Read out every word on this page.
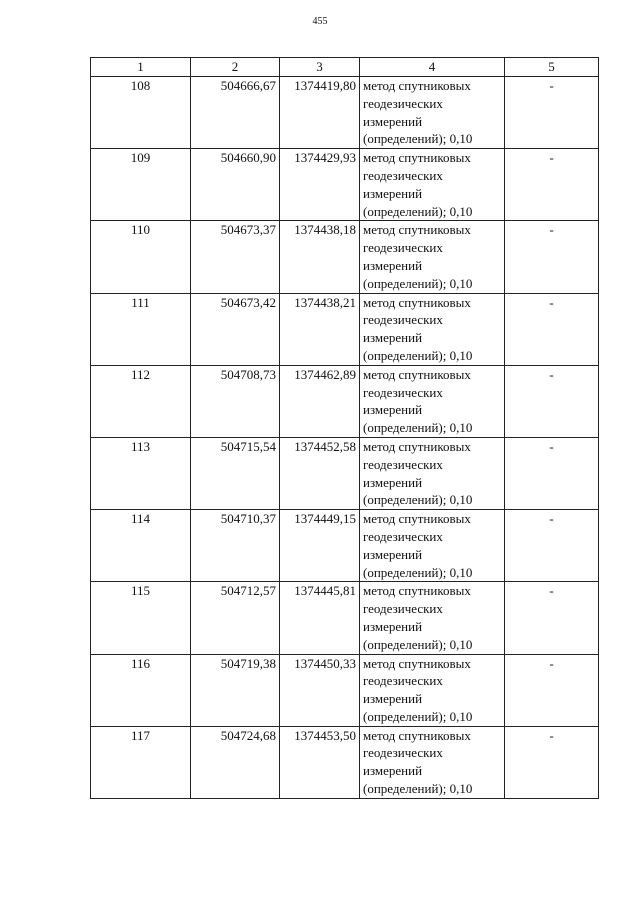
455
1	2	3	4	5
108	504666,67	1374419,80	метод спутниковых геодезических измерений (определений); 0,10	-
109	504660,90	1374429,93	метод спутниковых геодезических измерений (определений); 0,10	-
110	504673,37	1374438,18	метод спутниковых геодезических измерений (определений); 0,10	-
111	504673,42	1374438,21	метод спутниковых геодезических измерений (определений); 0,10	-
112	504708,73	1374462,89	метод спутниковых геодезических измерений (определений); 0,10	-
113	504715,54	1374452,58	метод спутниковых геодезических измерений (определений); 0,10	-
114	504710,37	1374449,15	метод спутниковых геодезических измерений (определений); 0,10	-
115	504712,57	1374445,81	метод спутниковых геодезических измерений (определений); 0,10	-
116	504719,38	1374450,33	метод спутниковых геодезических измерений (определений); 0,10	-
117	504724,68	1374453,50	метод спутниковых геодезических измерений (определений); 0,10	-
